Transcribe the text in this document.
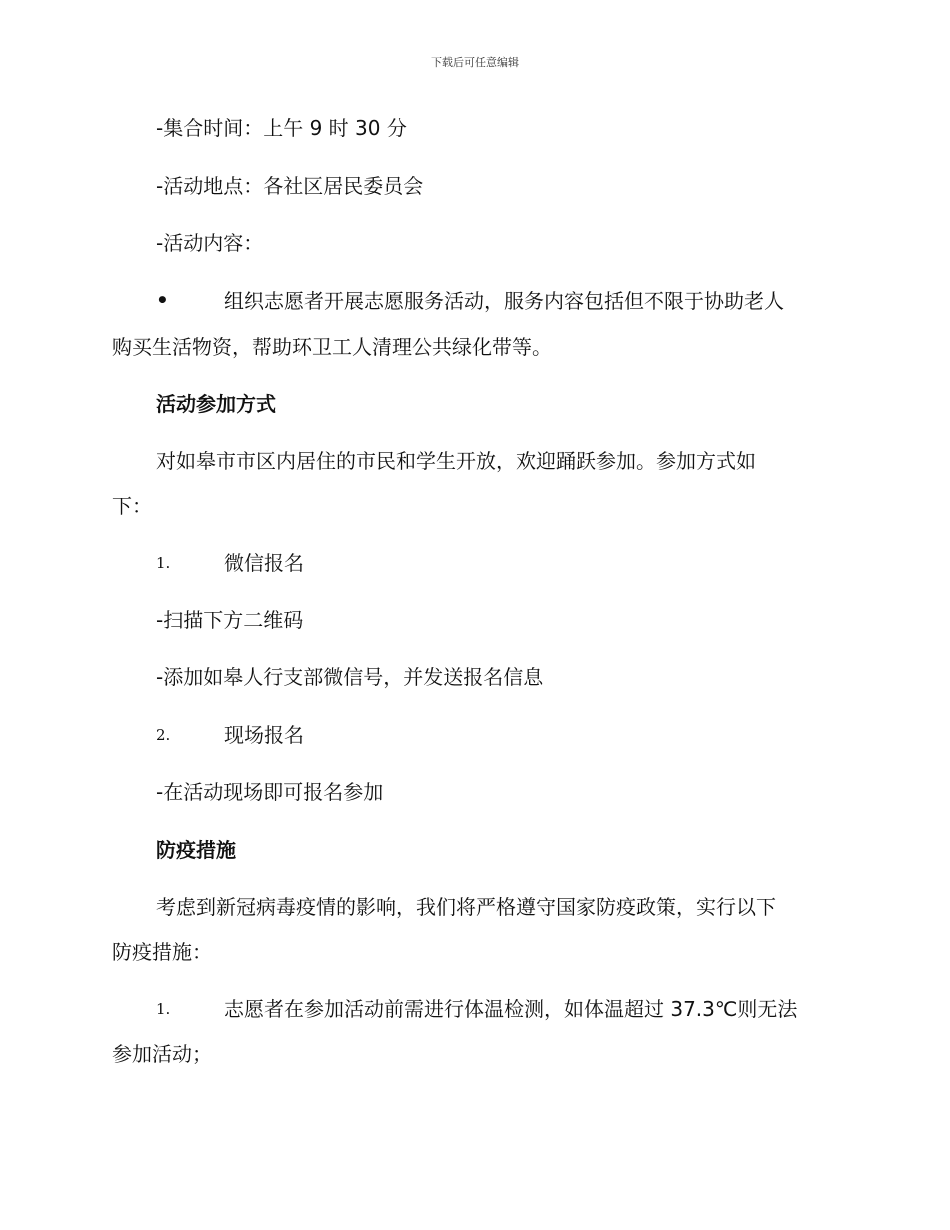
下载后可任意编辑
-集合时间：上午 9 时 30 分
-活动地点：各社区居民委员会
-活动内容：
•	组织志愿者开展志愿服务活动，服务内容包括但不限于协助老人
购买生活物资，帮助环卫工人清理公共绿化带等。
活动参加方式
对如皋市市区内居住的市民和学生开放，欢迎踊跃参加。参加方式如
下：
1.	微信报名
-扫描下方二维码
-添加如皋人行支部微信号，并发送报名信息
2.	现场报名
-在活动现场即可报名参加
防疫措施
考虑到新冠病毒疫情的影响，我们将严格遵守国家防疫政策，实行以下
防疫措施：
1.	志愿者在参加活动前需进行体温检测，如体温超过 37.3℃则无法
参加活动；
